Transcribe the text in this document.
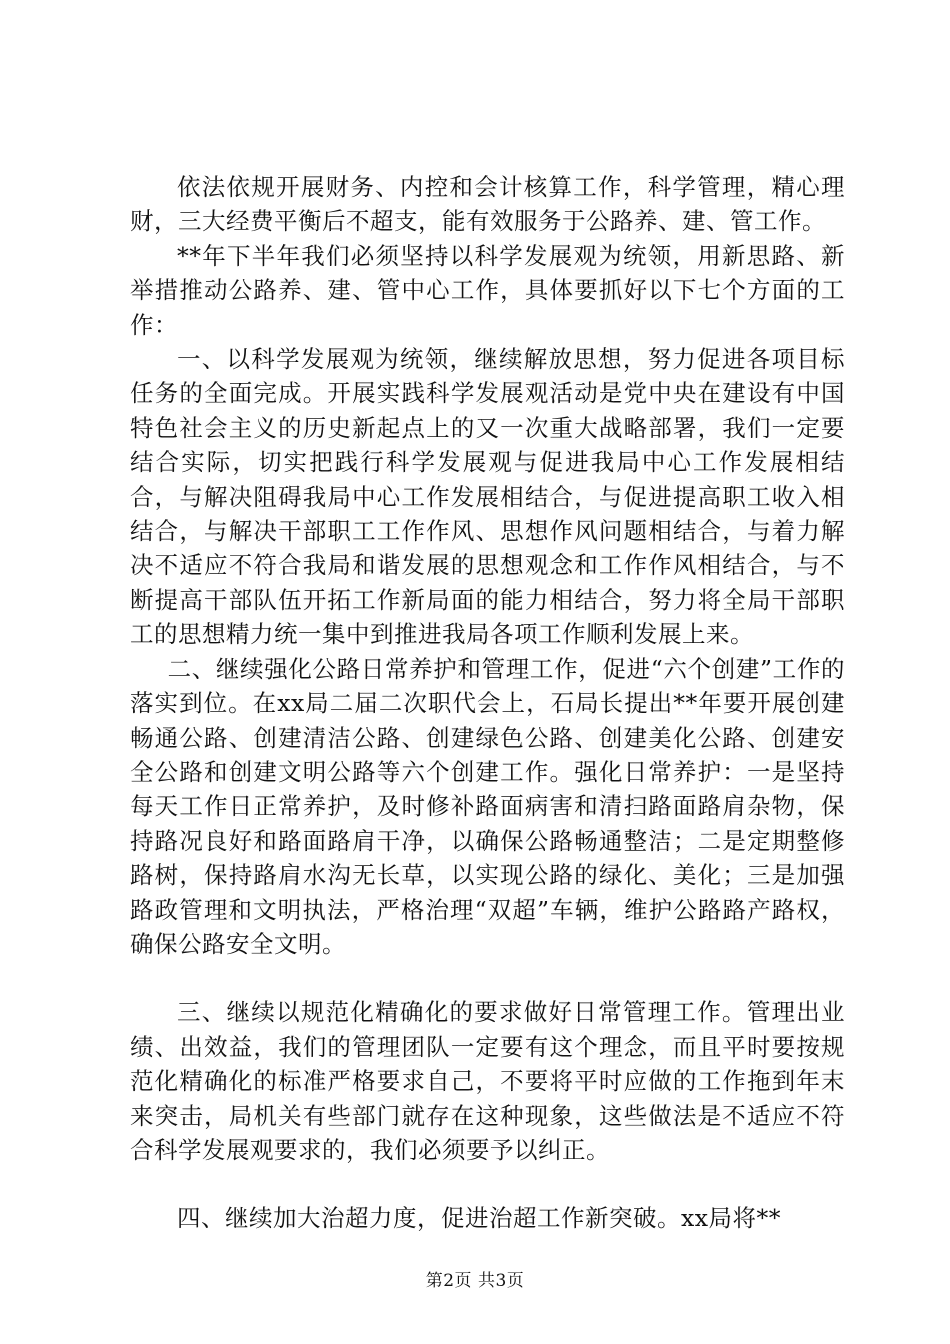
依法依规开展财务、内控和会计核算工作，科学管理，精心理财，三大经费平衡后不超支，能有效服务于公路养、建、管工作。

**年下半年我们必须坚持以科学发展观为统领，用新思路、新举措推动公路养、建、管中心工作，具体要抓好以下七个方面的工作：

一、以科学发展观为统领，继续解放思想，努力促进各项目标任务的全面完成。开展实践科学发展观活动是党中央在建设有中国特色社会主义的历史新起点上的又一次重大战略部署，我们一定要结合实际，切实把践行科学发展观与促进我局中心工作发展相结合，与解决阻碍我局中心工作发展相结合，与促进提高职工收入相结合，与解决干部职工工作作风、思想作风问题相结合，与着力解决不适应不符合我局和谐发展的思想观念和工作作风相结合，与不断提高干部队伍开拓工作新局面的能力相结合，努力将全局干部职工的思想精力统一集中到推进我局各项工作顺利发展上来。

二、继续强化公路日常养护和管理工作，促进“六个创建”工作的落实到位。在xx局二届二次职代会上，石局长提出**年要开展创建畅通公路、创建清洁公路、创建绿色公路、创建美化公路、创建安全公路和创建文明公路等六个创建工作。强化日常养护：一是坚持每天工作日正常养护，及时修补路面病害和清扫路面路肩杂物，保持路况良好和路面路肩干净，以确保公路畅通整洁；二是定期整修路树，保持路肩水沟无长草，以实现公路的绿化、美化；三是加强路政管理和文明执法，严格治理“双超”车辆，维护公路路产路权，确保公路安全文明。

三、继续以规范化精确化的要求做好日常管理工作。管理出业绩、出效益，我们的管理团队一定要有这个理念，而且平时要按规范化精确化的标准严格要求自己，不要将平时应做的工作拖到年末来突击，局机关有些部门就存在这种现象，这些做法是不适应不符合科学发展观要求的，我们必须要予以纠正。

四、继续加大治超力度，促进治超工作新突破。xx局将**

第2页 共3页
